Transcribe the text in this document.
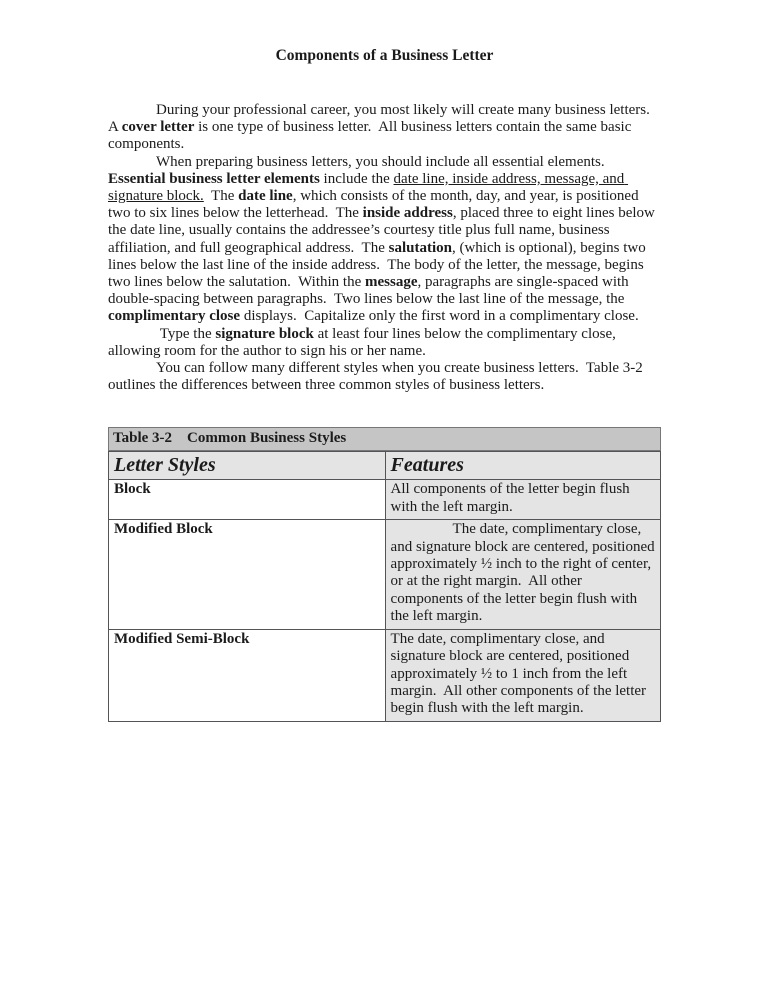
Components of a Business Letter

During your professional career, you most likely will create many business letters. A cover letter is one type of business letter.  All business letters contain the same basic components.

When preparing business letters, you should include all essential elements. Essential business letter elements include the date line, inside address, message, and signature block.  The date line, which consists of the month, day, and year, is positioned two to six lines below the letterhead.  The inside address, placed three to eight lines below the date line, usually contains the addressee’s courtesy title plus full name, business affiliation, and full geographical address.  The salutation, (which is optional), begins two lines below the last line of the inside address.  The body of the letter, the message, begins two lines below the salutation.  Within the message, paragraphs are single-spaced with double-spacing between paragraphs.  Two lines below the last line of the message, the complimentary close displays.  Capitalize only the first word in a complimentary close.

Type the signature block at least four lines below the complimentary close, allowing room for the author to sign his or her name.

You can follow many different styles when you create business letters.  Table 3-2 outlines the differences between three common styles of business letters.

Table 3-2    Common Business Styles
Letter Styles	Features
Block	All components of the letter begin flush with the left margin.
Modified Block	The date, complimentary close, and signature block are centered, positioned approximately ½ inch to the right of center, or at the right margin.  All other components of the letter begin flush with the left margin.
Modified Semi-Block	The date, complimentary close, and signature block are centered, positioned approximately ½ to 1 inch from the left margin.  All other components of the letter begin flush with the left margin.
